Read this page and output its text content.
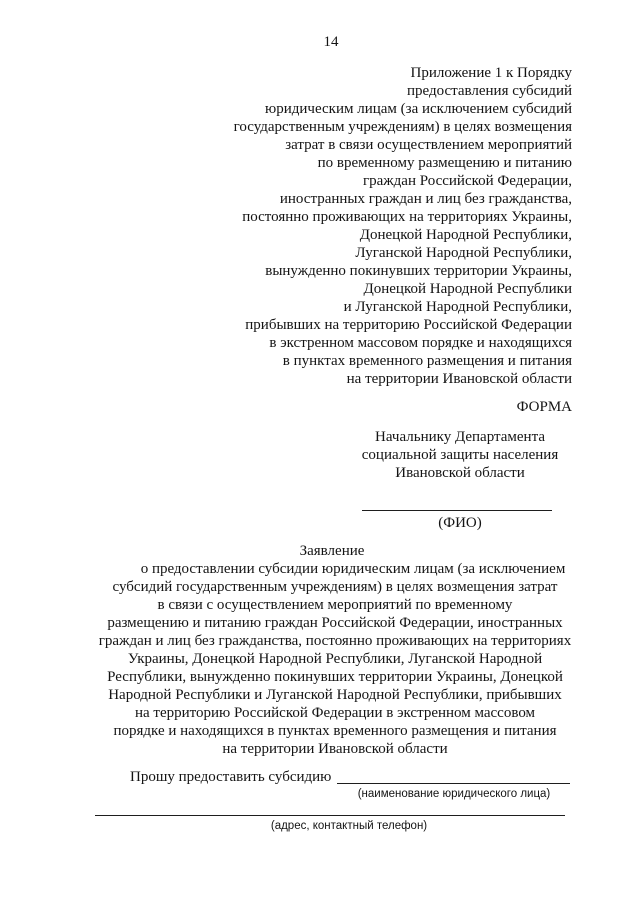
14
Приложение 1 к Порядку
предоставления субсидий
юридическим лицам (за исключением субсидий
государственным учреждениям) в целях возмещения
затрат в связи осуществлением мероприятий
по временному размещению и питанию
граждан Российской Федерации,
иностранных граждан и лиц без гражданства,
постоянно проживающих на территориях Украины,
Донецкой Народной Республики,
Луганской Народной Республики,
вынужденно покинувших территории Украины,
Донецкой Народной Республики
и Луганской Народной Республики,
прибывших на территорию Российской Федерации
в экстренном массовом порядке и находящихся
в пунктах временного размещения и питания
на территории Ивановской области
ФОРМА
Начальнику Департамента
социальной защиты населения
Ивановской области
(ФИО)
Заявление
о предоставлении субсидии юридическим лицам (за исключением
субсидий государственным учреждениям) в целях возмещения затрат
в связи с осуществлением мероприятий по временному
размещению и питанию граждан Российской Федерации, иностранных
граждан и лиц без гражданства, постоянно проживающих на территориях
Украины, Донецкой Народной Республики, Луганской Народной
Республики, вынужденно покинувших территории Украины, Донецкой
Народной Республики и Луганской Народной Республики, прибывших
на территорию Российской Федерации в экстренном массовом
порядке и находящихся в пунктах временного размещения и питания
на территории Ивановской области
Прошу предоставить субсидию
(наименование юридического лица)
(адрес, контактный телефон)
